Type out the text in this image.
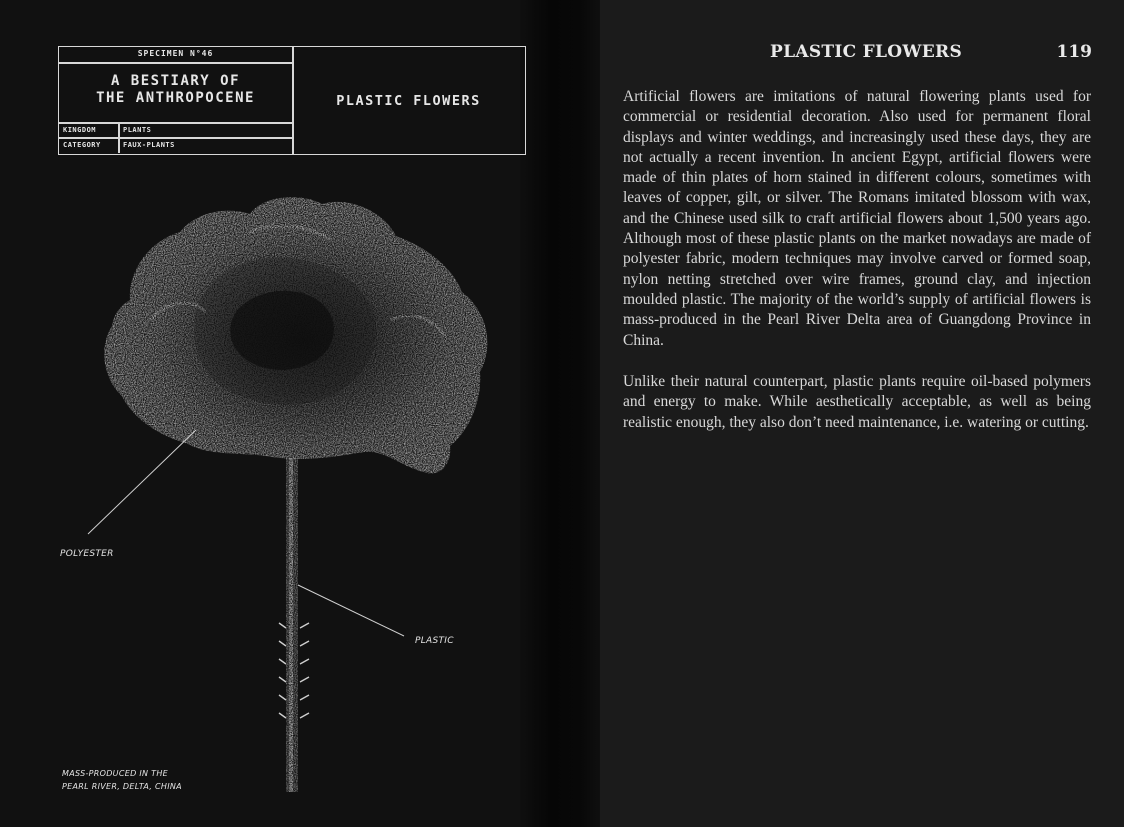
SPECIMEN N°46
A BESTIARY OF
THE ANTHROPOCENE	PLASTIC FLOWERS
KINGDOM	PLANTS
CATEGORY	FAUX-PLANTS
POLYESTER
PLASTIC
MASS-PRODUCED IN THE
PEARL RIVER, DELTA, CHINA
PLASTIC FLOWERS	119

Artificial flowers are imitations of natural flowering plants used for commercial or residential decoration. Also used for permanent floral displays and winter weddings, and increasingly used these days, they are not actually a recent invention. In ancient Egypt, artificial flowers were made of thin plates of horn stained in different colours, sometimes with leaves of copper, gilt, or silver. The Romans imitated blossom with wax, and the Chinese used silk to craft artificial flowers about 1,500 years ago. Although most of these plastic plants on the market nowadays are made of polyester fabric, modern techniques may involve carved or formed soap, nylon netting stretched over wire frames, ground clay, and injection moulded plastic. The majority of the world’s supply of artificial flowers is mass-produced in the Pearl River Delta area of Guangdong Province in China.

Unlike their natural counterpart, plastic plants require oil-based polymers and energy to make. While aesthetically acceptable, as well as being realistic enough, they also don’t need maintenance, i.e. watering or cutting.
